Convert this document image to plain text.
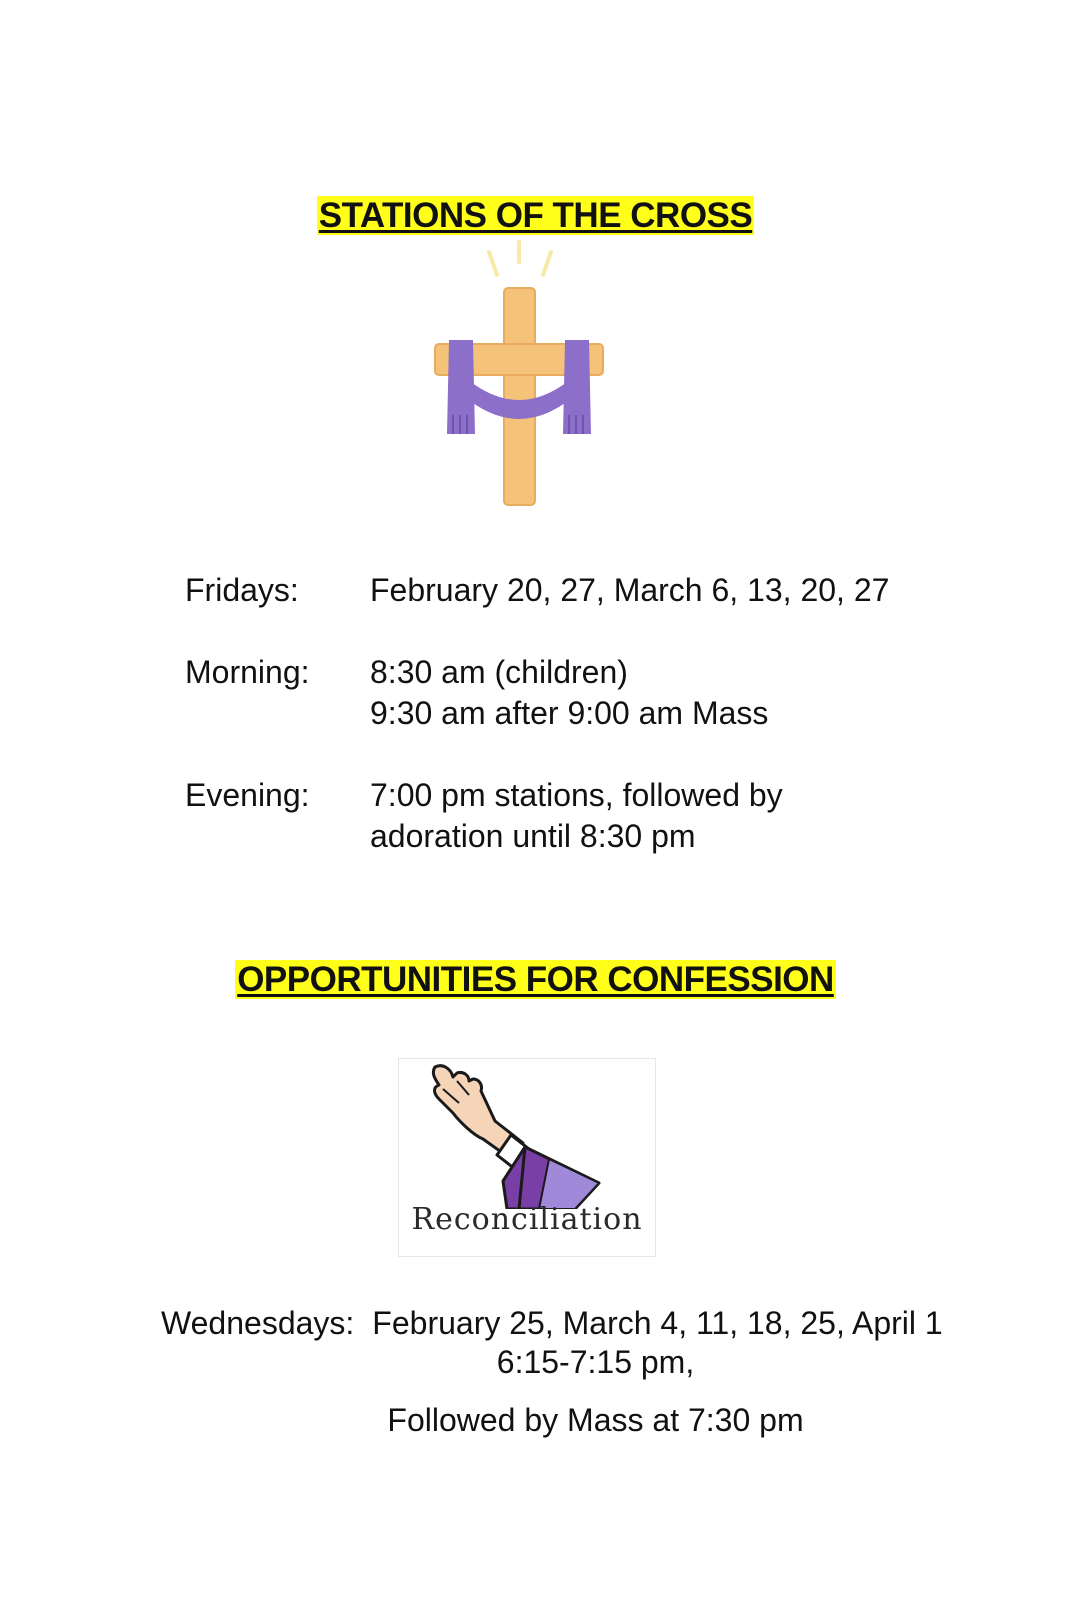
STATIONS OF THE CROSS
Fridays: February 20, 27, March 6, 13, 20, 27
Morning: 8:30 am (children)
9:30 am after 9:00 am Mass
Evening: 7:00 pm stations, followed by
adoration until 8:30 pm
OPPORTUNITIES FOR CONFESSION
Reconciliation
Wednesdays: February 25, March 4, 11, 18, 25, April 1
6:15-7:15 pm,
Followed by Mass at 7:30 pm
